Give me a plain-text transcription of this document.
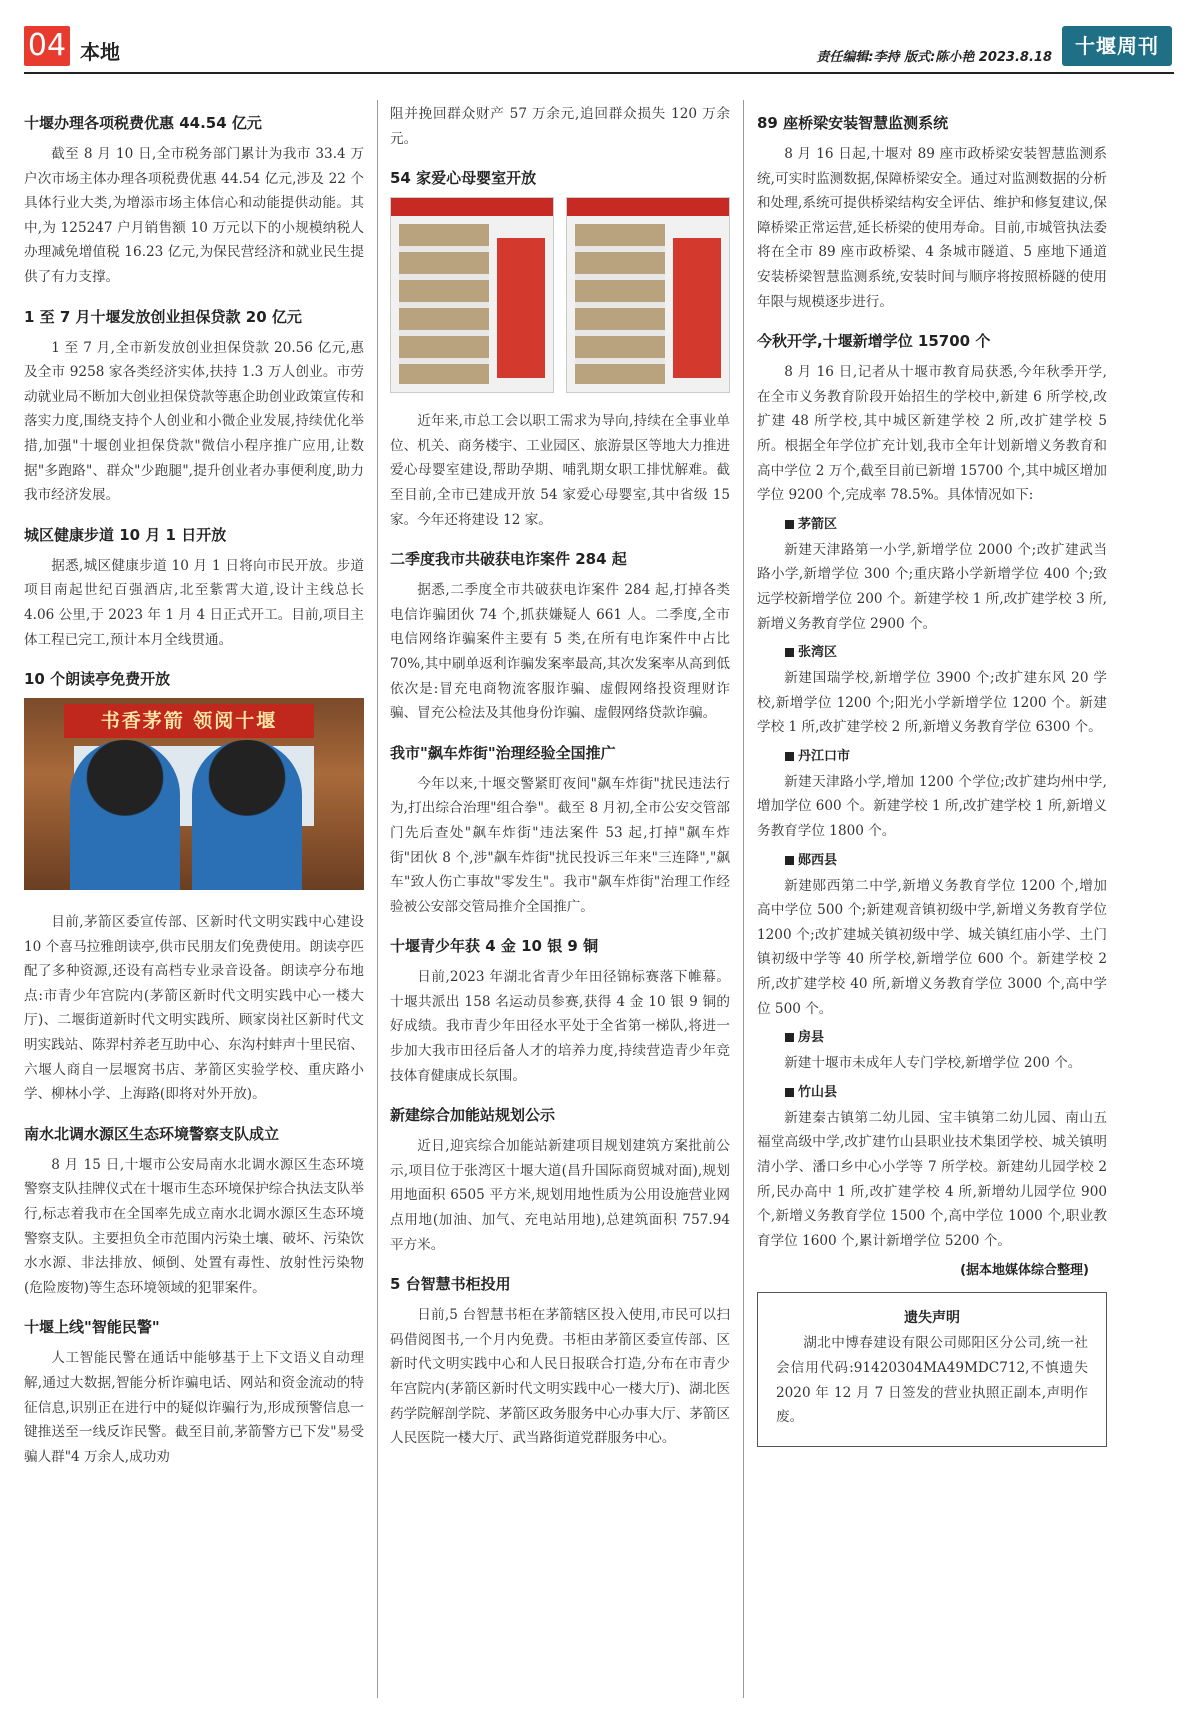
04 本地	责任编辑:李持 版式:陈小艳 2023.8.18	十堰周刊
十堰办理各项税费优惠 44.54 亿元

截至 8 月 10 日,全市税务部门累计为我市 33.4 万户次市场主体办理各项税费优惠 44.54 亿元,涉及 22 个具体行业大类,为增添市场主体信心和动能提供动能。其中,为 125247 户月销售额 10 万元以下的小规模纳税人办理减免增值税 16.23 亿元,为保民营经济和就业民生提供了有力支撑。

1 至 7 月十堰发放创业担保贷款 20 亿元

1 至 7 月,全市新发放创业担保贷款 20.56 亿元,惠及全市 9258 家各类经济实体,扶持 1.3 万人创业。市劳动就业局不断加大创业担保贷款等惠企助创业政策宣传和落实力度,围绕支持个人创业和小微企业发展,持续优化举措,加强"十堰创业担保贷款"微信小程序推广应用,让数据"多跑路"、群众"少跑腿",提升创业者办事便利度,助力我市经济发展。

城区健康步道 10 月 1 日开放

据悉,城区健康步道 10 月 1 日将向市民开放。步道项目南起世纪百强酒店,北至紫霄大道,设计主线总长 4.06 公里,于 2023 年 1 月 4 日正式开工。目前,项目主体工程已完工,预计本月全线贯通。

10 个朗读亭免费开放
书香茅箭 领阅十堰

目前,茅箭区委宣传部、区新时代文明实践中心建设 10 个喜马拉雅朗读亭,供市民朋友们免费使用。朗读亭匹配了多种资源,还设有高档专业录音设备。朗读亭分布地点:市青少年宫院内(茅箭区新时代文明实践中心一楼大厅)、二堰街道新时代文明实践所、顾家岗社区新时代文明实践站、陈羿村养老互助中心、东沟村蚌声十里民宿、六堰人商自一层堰窝书店、茅箭区实验学校、重庆路小学、柳林小学、上海路(即将对外开放)。

南水北调水源区生态环境警察支队成立

8 月 15 日,十堰市公安局南水北调水源区生态环境警察支队挂牌仪式在十堰市生态环境保护综合执法支队举行,标志着我市在全国率先成立南水北调水源区生态环境警察支队。主要担负全市范围内污染土壤、破坏、污染饮水水源、非法排放、倾倒、处置有毒性、放射性污染物(危险废物)等生态环境领域的犯罪案件。

十堰上线"智能民警"

人工智能民警在通话中能够基于上下文语义自动理解,通过大数据,智能分析诈骗电话、网站和资金流动的特征信息,识别正在进行中的疑似诈骗行为,形成预警信息一键推送至一线反诈民警。截至目前,茅箭警方已下发"易受骗人群"4 万余人,成功劝

阻并挽回群众财产 57 万余元,追回群众损失 120 万余元。

54 家爱心母婴室开放

近年来,市总工会以职工需求为导向,持续在全事业单位、机关、商务楼宇、工业园区、旅游景区等地大力推进爱心母婴室建设,帮助孕期、哺乳期女职工排忧解难。截至目前,全市已建成开放 54 家爱心母婴室,其中省级 15 家。今年还将建设 12 家。

二季度我市共破获电诈案件 284 起

据悉,二季度全市共破获电诈案件 284 起,打掉各类电信诈骗团伙 74 个,抓获嫌疑人 661 人。二季度,全市电信网络诈骗案件主要有 5 类,在所有电诈案件中占比 70%,其中刷单返利诈骗发案率最高,其次发案率从高到低依次是:冒充电商物流客服诈骗、虚假网络投资理财诈骗、冒充公检法及其他身份诈骗、虚假网络贷款诈骗。

我市"飙车炸街"治理经验全国推广

今年以来,十堰交警紧盯夜间"飙车炸街"扰民违法行为,打出综合治理"组合拳"。截至 8 月初,全市公安交管部门先后查处"飙车炸街"违法案件 53 起,打掉"飙车炸街"团伙 8 个,涉"飙车炸街"扰民投诉三年来"三连降","飙车"致人伤亡事故"零发生"。我市"飙车炸街"治理工作经验被公安部交管局推介全国推广。

十堰青少年获 4 金 10 银 9 铜

日前,2023 年湖北省青少年田径锦标赛落下帷幕。十堰共派出 158 名运动员参赛,获得 4 金 10 银 9 铜的好成绩。我市青少年田径水平处于全省第一梯队,将进一步加大我市田径后备人才的培养力度,持续营造青少年竞技体育健康成长氛围。

新建综合加能站规划公示

近日,迎宾综合加能站新建项目规划建筑方案批前公示,项目位于张湾区十堰大道(昌升国际商贸城对面),规划用地面积 6505 平方米,规划用地性质为公用设施营业网点用地(加油、加气、充电站用地),总建筑面积 757.94 平方米。

5 台智慧书柜投用

日前,5 台智慧书柜在茅箭辖区投入使用,市民可以扫码借阅图书,一个月内免费。书柜由茅箭区委宣传部、区新时代文明实践中心和人民日报联合打造,分布在市青少年宫院内(茅箭区新时代文明实践中心一楼大厅)、湖北医药学院解剖学院、茅箭区政务服务中心办事大厅、茅箭区人民医院一楼大厅、武当路街道党群服务中心。

89 座桥梁安装智慧监测系统

8 月 16 日起,十堰对 89 座市政桥梁安装智慧监测系统,可实时监测数据,保障桥梁安全。通过对监测数据的分析和处理,系统可提供桥梁结构安全评估、维护和修复建议,保障桥梁正常运营,延长桥梁的使用寿命。目前,市城管执法委将在全市 89 座市政桥梁、4 条城市隧道、5 座地下通道安装桥梁智慧监测系统,安装时间与顺序将按照桥隧的使用年限与规模逐步进行。

今秋开学,十堰新增学位 15700 个

8 月 16 日,记者从十堰市教育局获悉,今年秋季开学,在全市义务教育阶段开始招生的学校中,新建 6 所学校,改扩建 48 所学校,其中城区新建学校 2 所,改扩建学校 5 所。根据全年学位扩充计划,我市全年计划新增义务教育和高中学位 2 万个,截至目前已新增 15700 个,其中城区增加学位 9200 个,完成率 78.5%。具体情况如下:

茅箭区

新建天津路第一小学,新增学位 2000 个;改扩建武当路小学,新增学位 300 个;重庆路小学新增学位 400 个;致远学校新增学位 200 个。新建学校 1 所,改扩建学校 3 所,新增义务教育学位 2900 个。

张湾区

新建国瑞学校,新增学位 3900 个;改扩建东风 20 学校,新增学位 1200 个;阳光小学新增学位 1200 个。新建学校 1 所,改扩建学校 2 所,新增义务教育学位 6300 个。

丹江口市

新建天津路小学,增加 1200 个学位;改扩建均州中学,增加学位 600 个。新建学校 1 所,改扩建学校 1 所,新增义务教育学位 1800 个。

郧西县

新建郧西第二中学,新增义务教育学位 1200 个,增加高中学位 500 个;新建观音镇初级中学,新增义务教育学位 1200 个;改扩建城关镇初级中学、城关镇红庙小学、土门镇初级中学等 40 所学校,新增学位 600 个。新建学校 2 所,改扩建学校 40 所,新增义务教育学位 3000 个,高中学位 500 个。

房县

新建十堰市未成年人专门学校,新增学位 200 个。

竹山县

新建秦古镇第二幼儿园、宝丰镇第二幼儿园、南山五福堂高级中学,改扩建竹山县职业技术集团学校、城关镇明清小学、潘口乡中心小学等 7 所学校。新建幼儿园学校 2 所,民办高中 1 所,改扩建学校 4 所,新增幼儿园学位 900 个,新增义务教育学位 1500 个,高中学位 1000 个,职业教育学位 1600 个,累计新增学位 5200 个。

(据本地媒体综合整理)
遗失声明

湖北中博春建设有限公司郧阳区分公司,统一社会信用代码:91420304MA49MDC712,不慎遗失 2020 年 12 月 7 日签发的营业执照正副本,声明作废。
